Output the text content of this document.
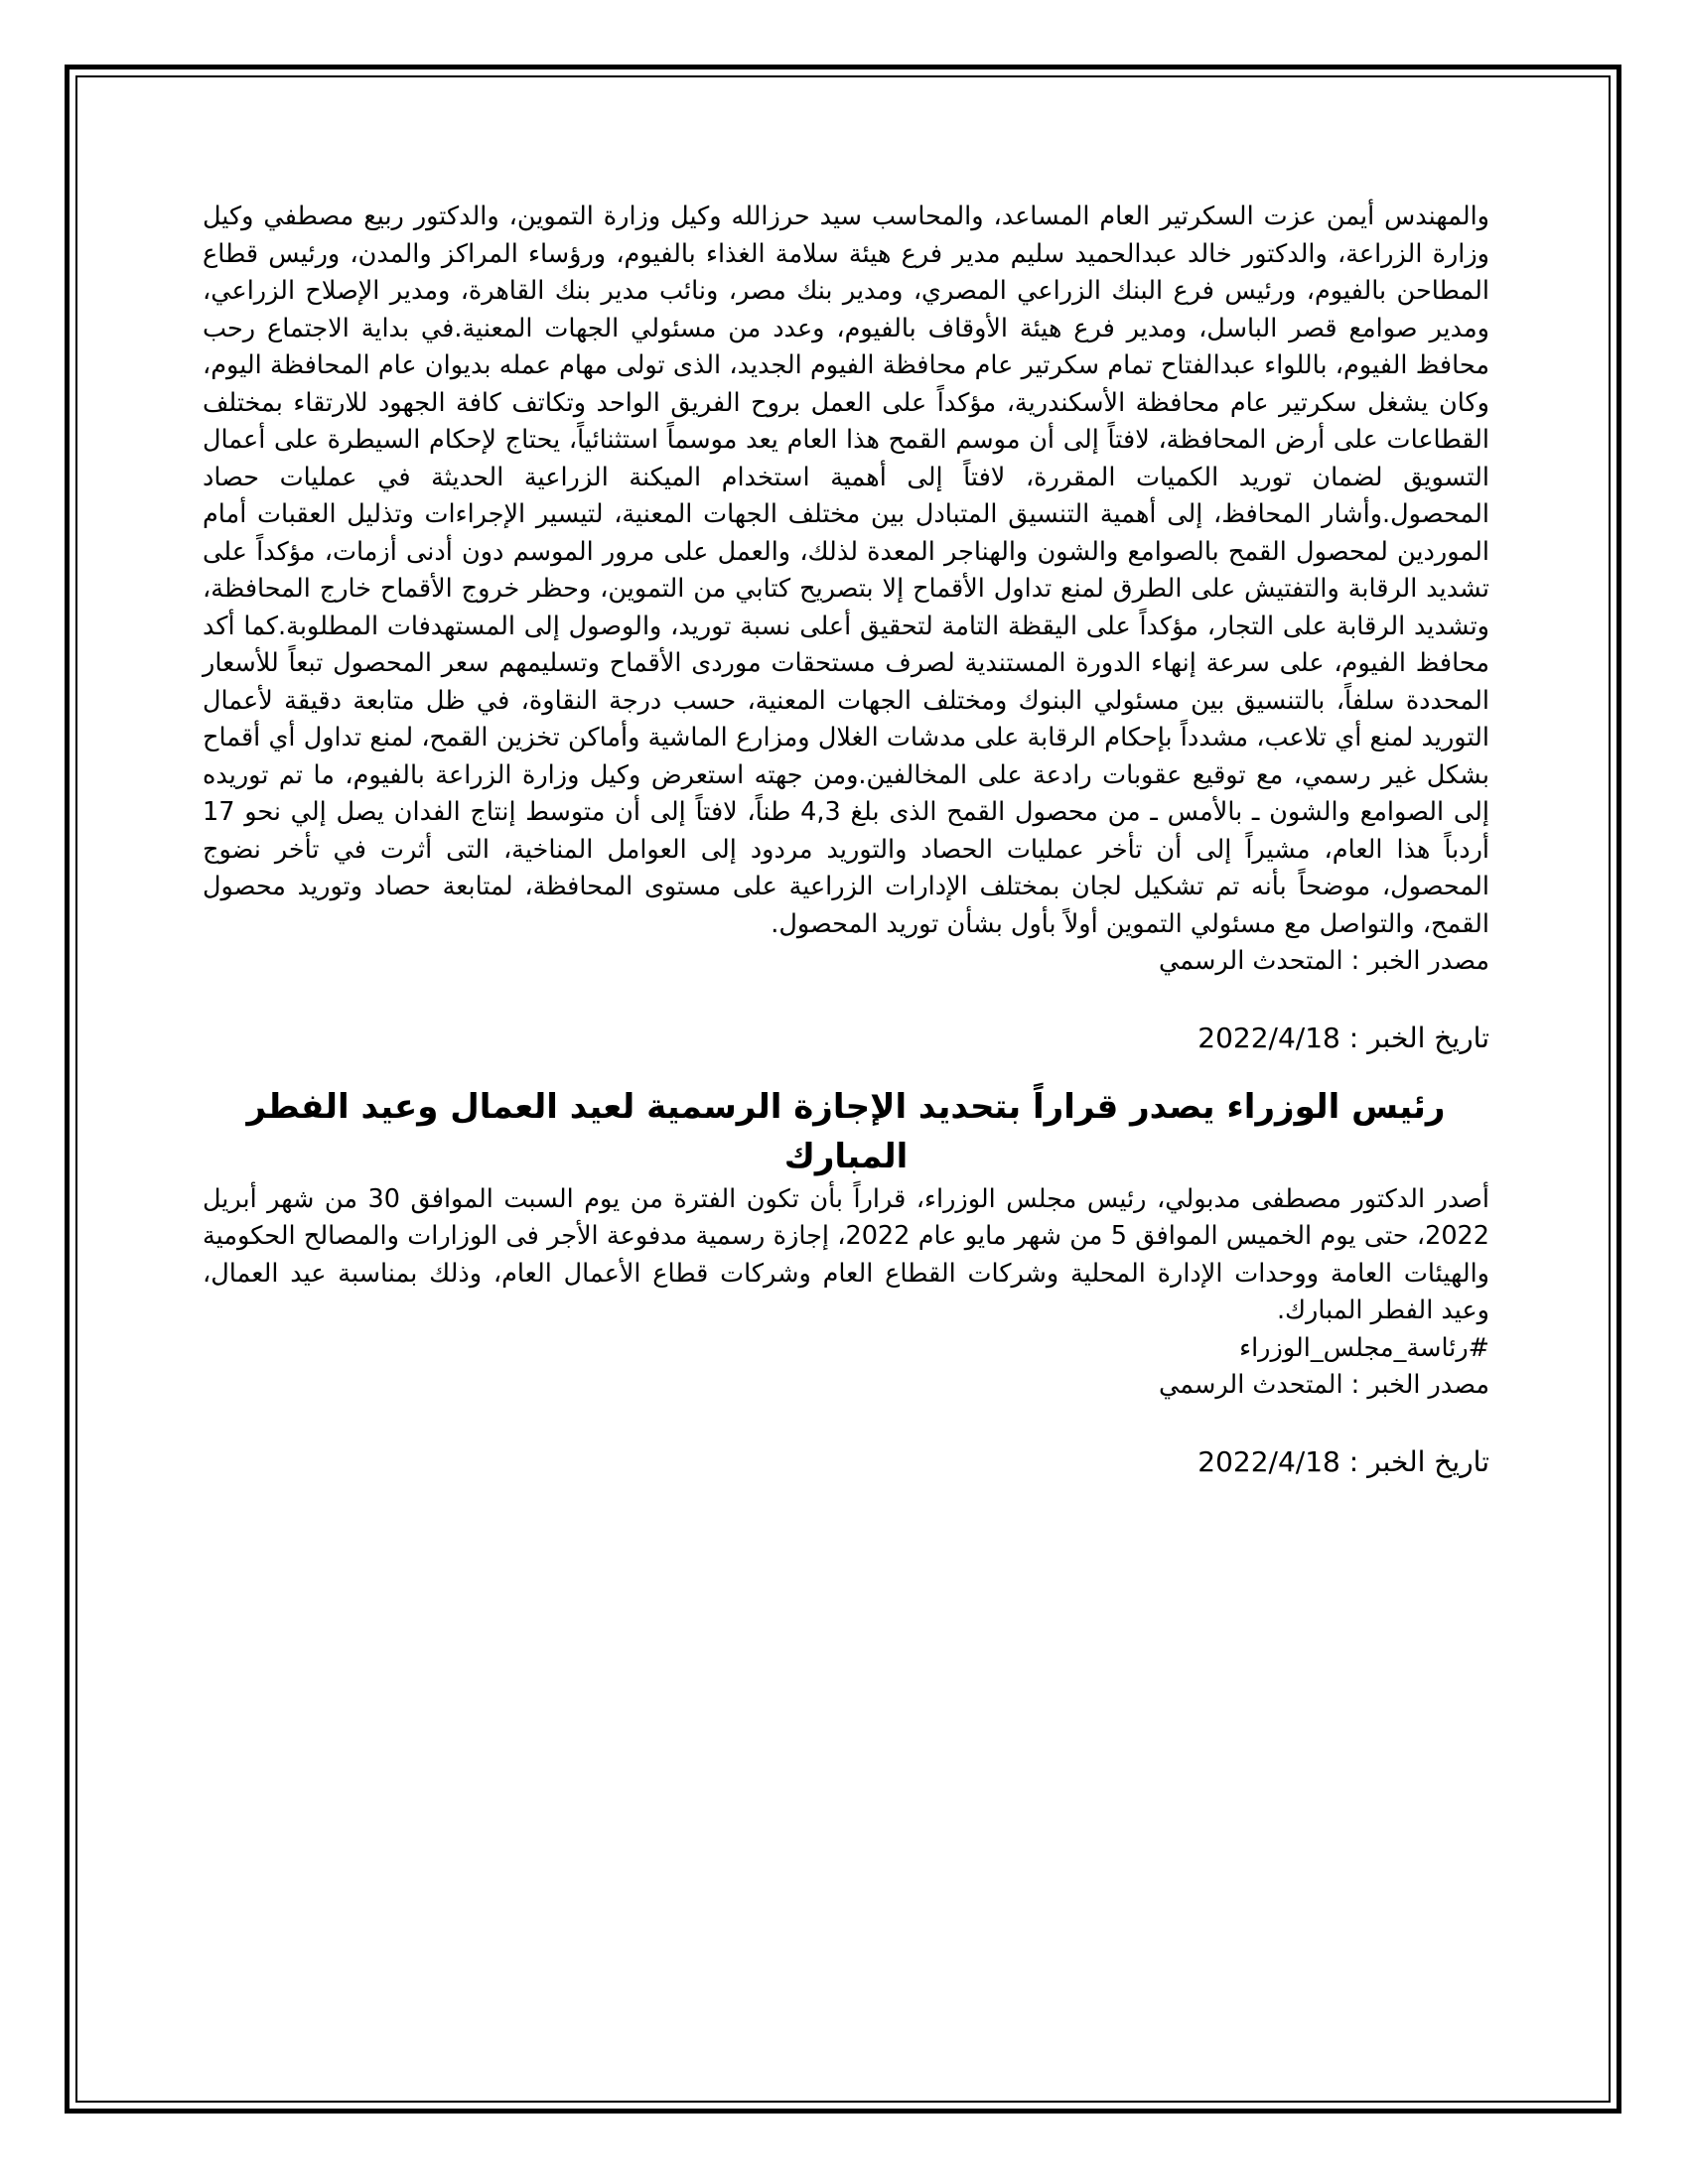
والمهندس أيمن عزت السكرتير العام المساعد، والمحاسب سيد حرزالله وكيل وزارة التموين، والدكتور ربيع مصطفي وكيل وزارة الزراعة، والدكتور خالد عبدالحميد سليم مدير فرع هيئة سلامة الغذاء بالفيوم، ورؤساء المراكز والمدن، ورئيس قطاع المطاحن بالفيوم، ورئيس فرع البنك الزراعي المصري، ومدير بنك مصر، ونائب مدير بنك القاهرة، ومدير الإصلاح الزراعي، ومدير صوامع قصر الباسل، ومدير فرع هيئة الأوقاف بالفيوم، وعدد من مسئولي الجهات المعنية.في بداية الاجتماع رحب محافظ الفيوم، باللواء عبدالفتاح تمام سكرتير عام محافظة الفيوم الجديد، الذى تولى مهام عمله بديوان عام المحافظة اليوم، وكان يشغل سكرتير عام محافظة الأسكندرية، مؤكداً على العمل بروح الفريق الواحد وتكاتف كافة الجهود للارتقاء بمختلف القطاعات على أرض المحافظة، لافتاً إلى أن موسم القمح هذا العام يعد موسماً استثنائياً، يحتاج لإحكام السيطرة على أعمال التسويق لضمان توريد الكميات المقررة، لافتاً إلى أهمية استخدام الميكنة الزراعية الحديثة في عمليات حصاد المحصول.وأشار المحافظ، إلى أهمية التنسيق المتبادل بين مختلف الجهات المعنية، لتيسير الإجراءات وتذليل العقبات أمام الموردين لمحصول القمح بالصوامع والشون والهناجر المعدة لذلك، والعمل على مرور الموسم دون أدنى أزمات، مؤكداً على تشديد الرقابة والتفتيش على الطرق لمنع تداول الأقماح إلا بتصريح كتابي من التموين، وحظر خروج الأقماح خارج المحافظة، وتشديد الرقابة على التجار، مؤكداً على اليقظة التامة لتحقيق أعلى نسبة توريد، والوصول إلى المستهدفات المطلوبة.كما أكد محافظ الفيوم، على سرعة إنهاء الدورة المستندية لصرف مستحقات موردى الأقماح وتسليمهم سعر المحصول تبعاً للأسعار المحددة سلفاً، بالتنسيق بين مسئولي البنوك ومختلف الجهات المعنية، حسب درجة النقاوة، في ظل متابعة دقيقة لأعمال التوريد لمنع أي تلاعب، مشدداً بإحكام الرقابة على مدشات الغلال ومزارع الماشية وأماكن تخزين القمح، لمنع تداول أي أقماح بشكل غير رسمي، مع توقيع عقوبات رادعة على المخالفين.ومن جهته استعرض وكيل وزارة الزراعة بالفيوم، ما تم توريده إلى الصوامع والشون ـ بالأمس ـ من محصول القمح الذى بلغ 4,3 طناً، لافتاً إلى أن متوسط إنتاج الفدان يصل إلي نحو 17 أردباً هذا العام، مشيراً إلى أن تأخر عمليات الحصاد والتوريد مردود إلى العوامل المناخية، التى أثرت في تأخر نضوج المحصول، موضحاً بأنه تم تشكيل لجان بمختلف الإدارات الزراعية على مستوى المحافظة، لمتابعة حصاد وتوريد محصول القمح، والتواصل مع مسئولي التموين أولاً بأول بشأن توريد المحصول.

مصدر الخبر : المتحدث الرسمي

تاريخ الخبر : 2022/4/18

رئيس الوزراء يصدر قراراً بتحديد الإجازة الرسمية لعيد العمال وعيد الفطر المبارك

أصدر الدكتور مصطفى مدبولي، رئيس مجلس الوزراء، قراراً بأن تكون الفترة من يوم السبت الموافق 30 من شهر أبريل 2022، حتى يوم الخميس الموافق 5 من شهر مايو عام 2022، إجازة رسمية مدفوعة الأجر فى الوزارات والمصالح الحكومية والهيئات العامة ووحدات الإدارة المحلية وشركات القطاع العام وشركات قطاع الأعمال العام، وذلك بمناسبة عيد العمال، وعيد الفطر المبارك.

#رئاسة_مجلس_الوزراء

مصدر الخبر : المتحدث الرسمي

تاريخ الخبر : 2022/4/18
